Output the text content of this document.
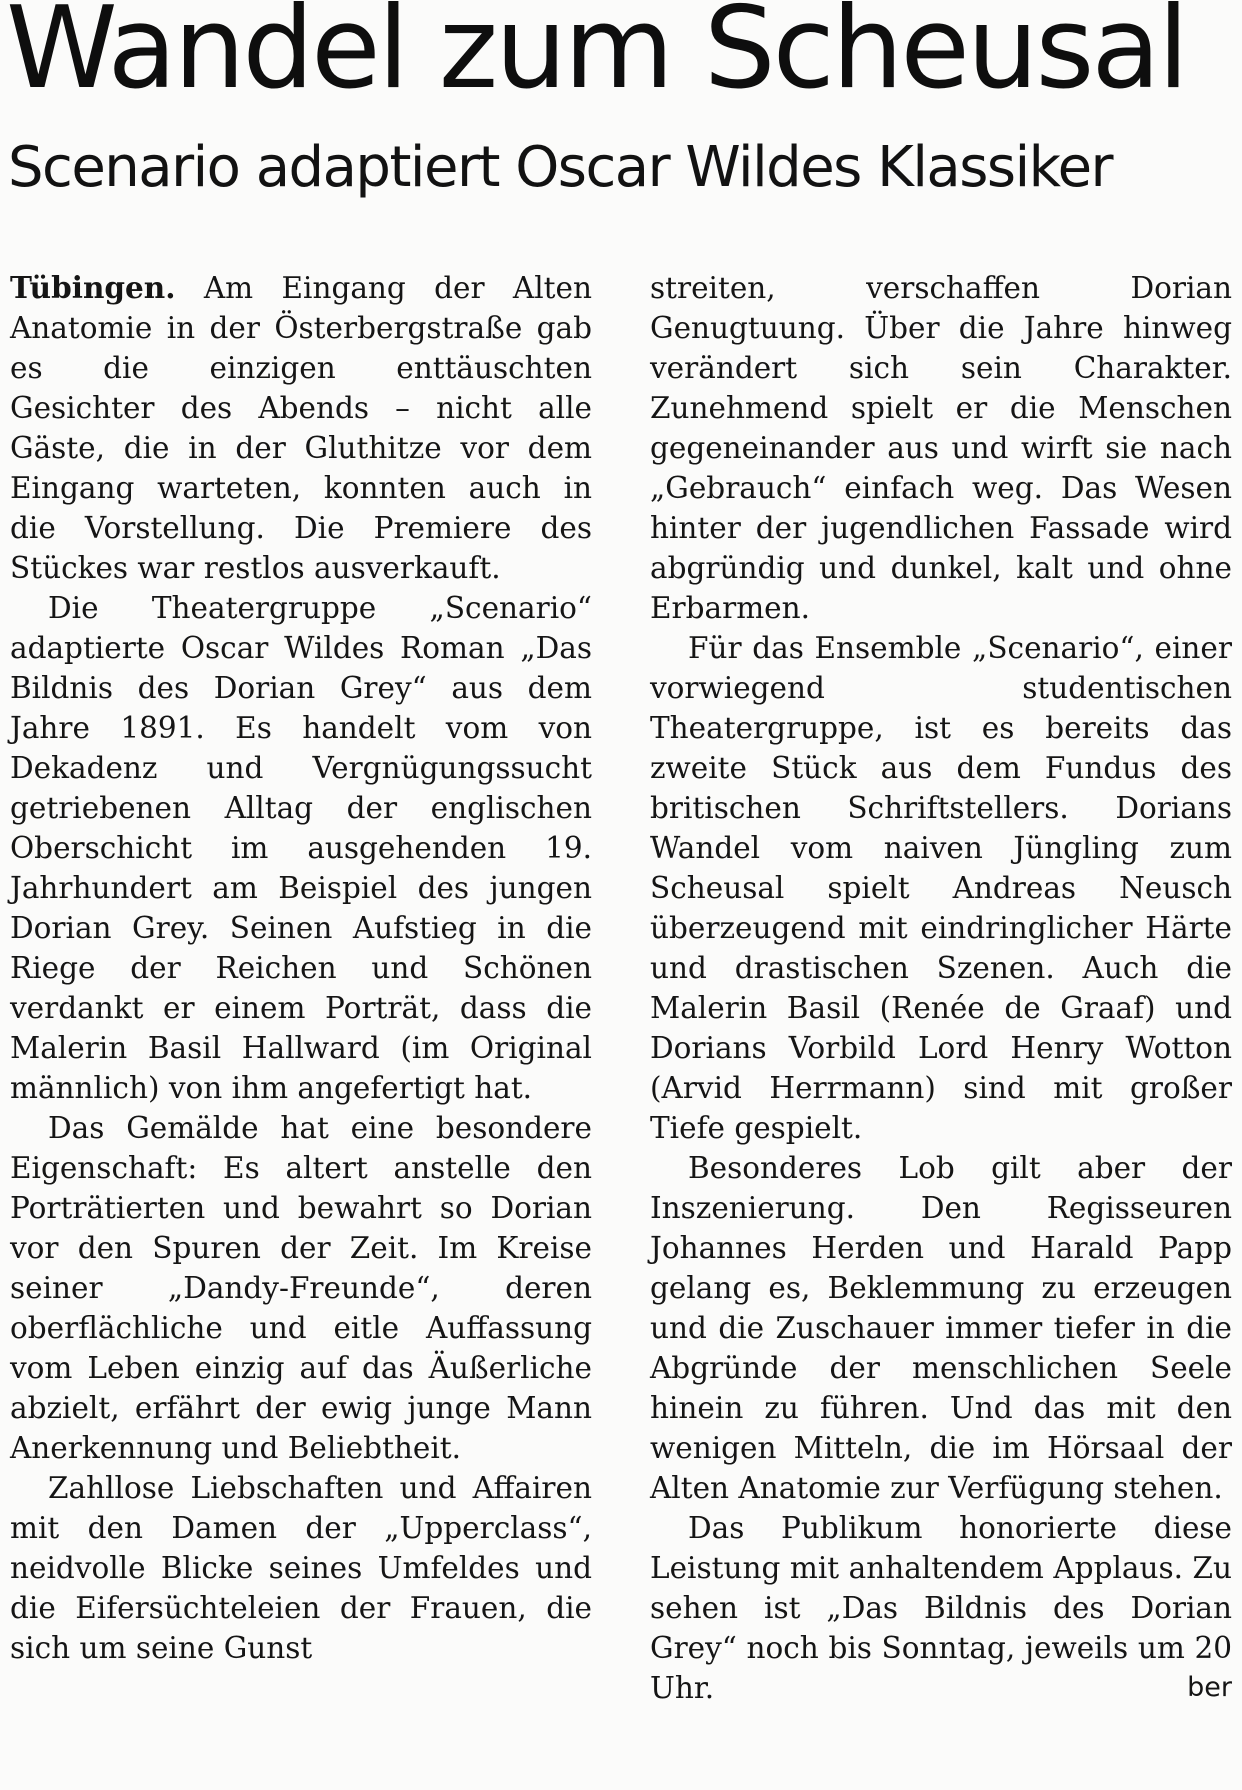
Wandel zum Scheusal
Scenario adaptiert Oscar Wildes Klassiker

Tübingen. Am Eingang der Alten Anatomie in der Österbergstraße gab es die einzigen enttäuschten Gesichter des Abends – nicht alle Gäste, die in der Gluthitze vor dem Eingang warteten, konnten auch in die Vorstellung. Die Premiere des Stückes war restlos ausverkauft.

Die Theatergruppe „Scenario“ adaptierte Oscar Wildes Roman „Das Bildnis des Dorian Grey“ aus dem Jahre 1891. Es handelt vom von Dekadenz und Vergnügungssucht getriebenen Alltag der englischen Oberschicht im ausgehenden 19. Jahrhundert am Beispiel des jungen Dorian Grey. Seinen Aufstieg in die Riege der Reichen und Schönen verdankt er einem Porträt, dass die Malerin Basil Hallward (im Original männlich) von ihm angefertigt hat.

Das Gemälde hat eine besondere Eigenschaft: Es altert anstelle den Porträtierten und bewahrt so Dorian vor den Spuren der Zeit. Im Kreise seiner „Dandy-Freunde“, deren oberflächliche und eitle Auffassung vom Leben einzig auf das Äußerliche abzielt, erfährt der ewig junge Mann Anerkennung und Beliebtheit.

Zahllose Liebschaften und Affairen mit den Damen der „Upperclass“, neidvolle Blicke seines Umfeldes und die Eifersüchteleien der Frauen, die sich um seine Gunst

streiten, verschaffen Dorian Genugtuung. Über die Jahre hinweg verändert sich sein Charakter. Zunehmend spielt er die Menschen gegeneinander aus und wirft sie nach „Gebrauch“ einfach weg. Das Wesen hinter der jugendlichen Fassade wird abgründig und dunkel, kalt und ohne Erbarmen.

Für das Ensemble „Scenario“, einer vorwiegend studentischen Theatergruppe, ist es bereits das zweite Stück aus dem Fundus des britischen Schriftstellers. Dorians Wandel vom naiven Jüngling zum Scheusal spielt Andreas Neusch überzeugend mit eindringlicher Härte und drastischen Szenen. Auch die Malerin Basil (Renée de Graaf) und Dorians Vorbild Lord Henry Wotton (Arvid Herrmann) sind mit großer Tiefe gespielt.

Besonderes Lob gilt aber der Inszenierung. Den Regisseuren Johannes Herden und Harald Papp gelang es, Beklemmung zu erzeugen und die Zuschauer immer tiefer in die Abgründe der menschlichen Seele hinein zu führen. Und das mit den wenigen Mitteln, die im Hörsaal der Alten Anatomie zur Verfügung stehen.

Das Publikum honorierte diese Leistung mit anhaltendem Applaus. Zu sehen ist „Das Bildnis des Dorian Grey“ noch bis Sonntag, jeweils um 20 Uhr.	ber
